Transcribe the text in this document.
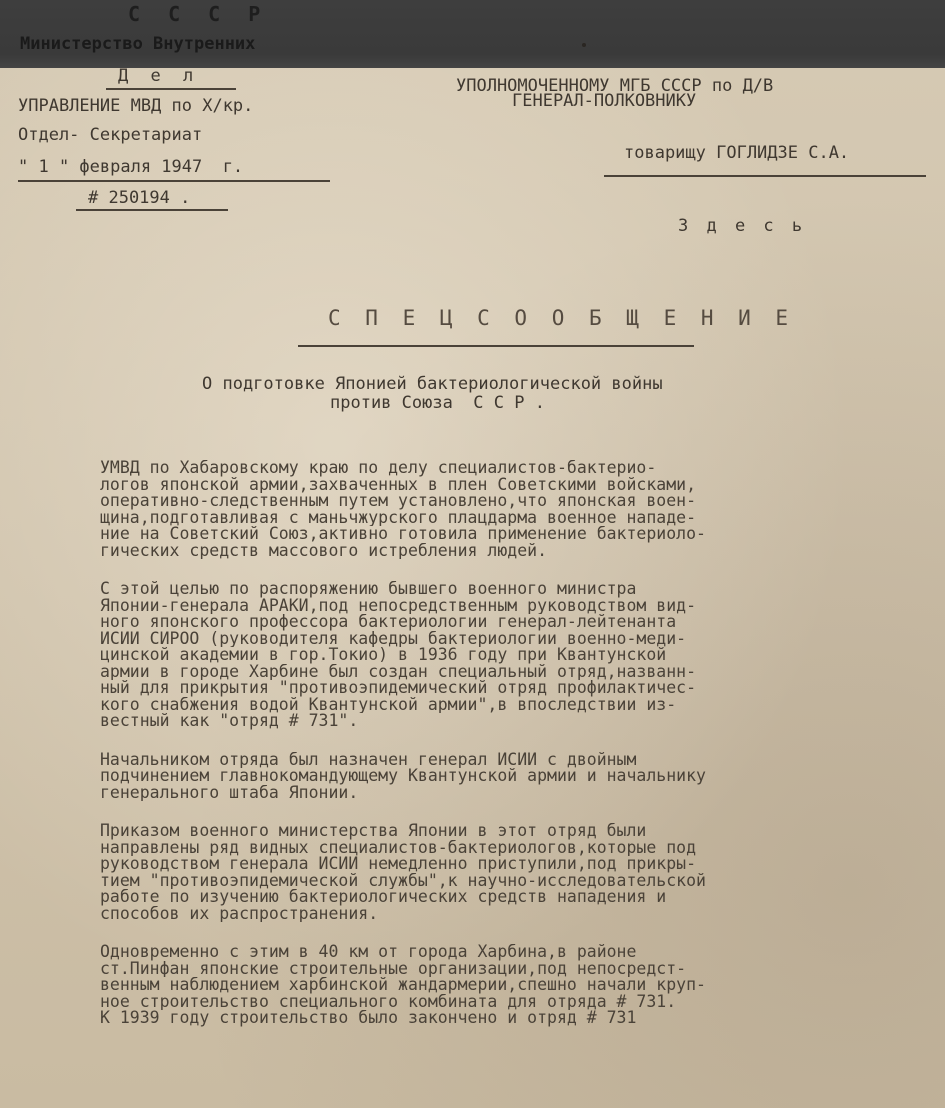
С С С Р
Министерство Внутренних
Д е л
УПРАВЛЕНИЕ МВД по Х/кр.
Отдел- Секретариат
" 1 " февраля 1947  г.
# 250194 .
УПОЛНОМОЧЕННОМУ МГБ СССР по Д/В
ГЕНЕРАЛ-ПОЛКОВНИКУ
товарищу ГОГЛИДЗЕ С.А.
З д е с ь
С П Е Ц С О О Б Щ Е Н И Е
О подготовке Японией бактериологической войны
против Союза  С С Р .

УМВД по Хабаровскому краю по делу специалистов-бактерио-
логов японской армии,захваченных в плен Советскими войсками,
оперативно-следственным путем установлено,что японская воен-
щина,подготавливая с маньчжурского плацдарма военное нападе-
ние на Советский Союз,активно готовила применение бактериоло-
гических средств массового истребления людей.

С этой целью по распоряжению бывшего военного министра
Японии-генерала АРАКИ,под непосредственным руководством вид-
ного японского профессора бактериологии генерал-лейтенанта
ИСИИ СИРОО (руководителя кафедры бактериологии военно-меди-
цинской академии в гор.Токио) в 1936 году при Квантунской
армии в городе Харбине был создан специальный отряд,названн-
ный для прикрытия "противоэпидемический отряд профилактичес-
кого снабжения водой Квантунской армии",в впоследствии из-
вестный как "отряд # 731".

Начальником отряда был назначен генерал ИСИИ с двойным
подчинением главнокомандующему Квантунской армии и начальнику
генерального штаба Японии.

Приказом военного министерства Японии в этот отряд были
направлены ряд видных специалистов-бактериологов,которые под
руководством генерала ИСИИ немедленно приступили,под прикры-
тием "противоэпидемической службы",к научно-исследовательской
работе по изучению бактериологических средств нападения и
способов их распространения.

Одновременно с этим в 40 км от города Харбина,в районе
ст.Пинфан японские строительные организации,под непосредст-
венным наблюдением харбинской жандармерии,спешно начали круп-
ное строительство специального комбината для отряда # 731.
К 1939 году строительство было закончено и отряд # 731
